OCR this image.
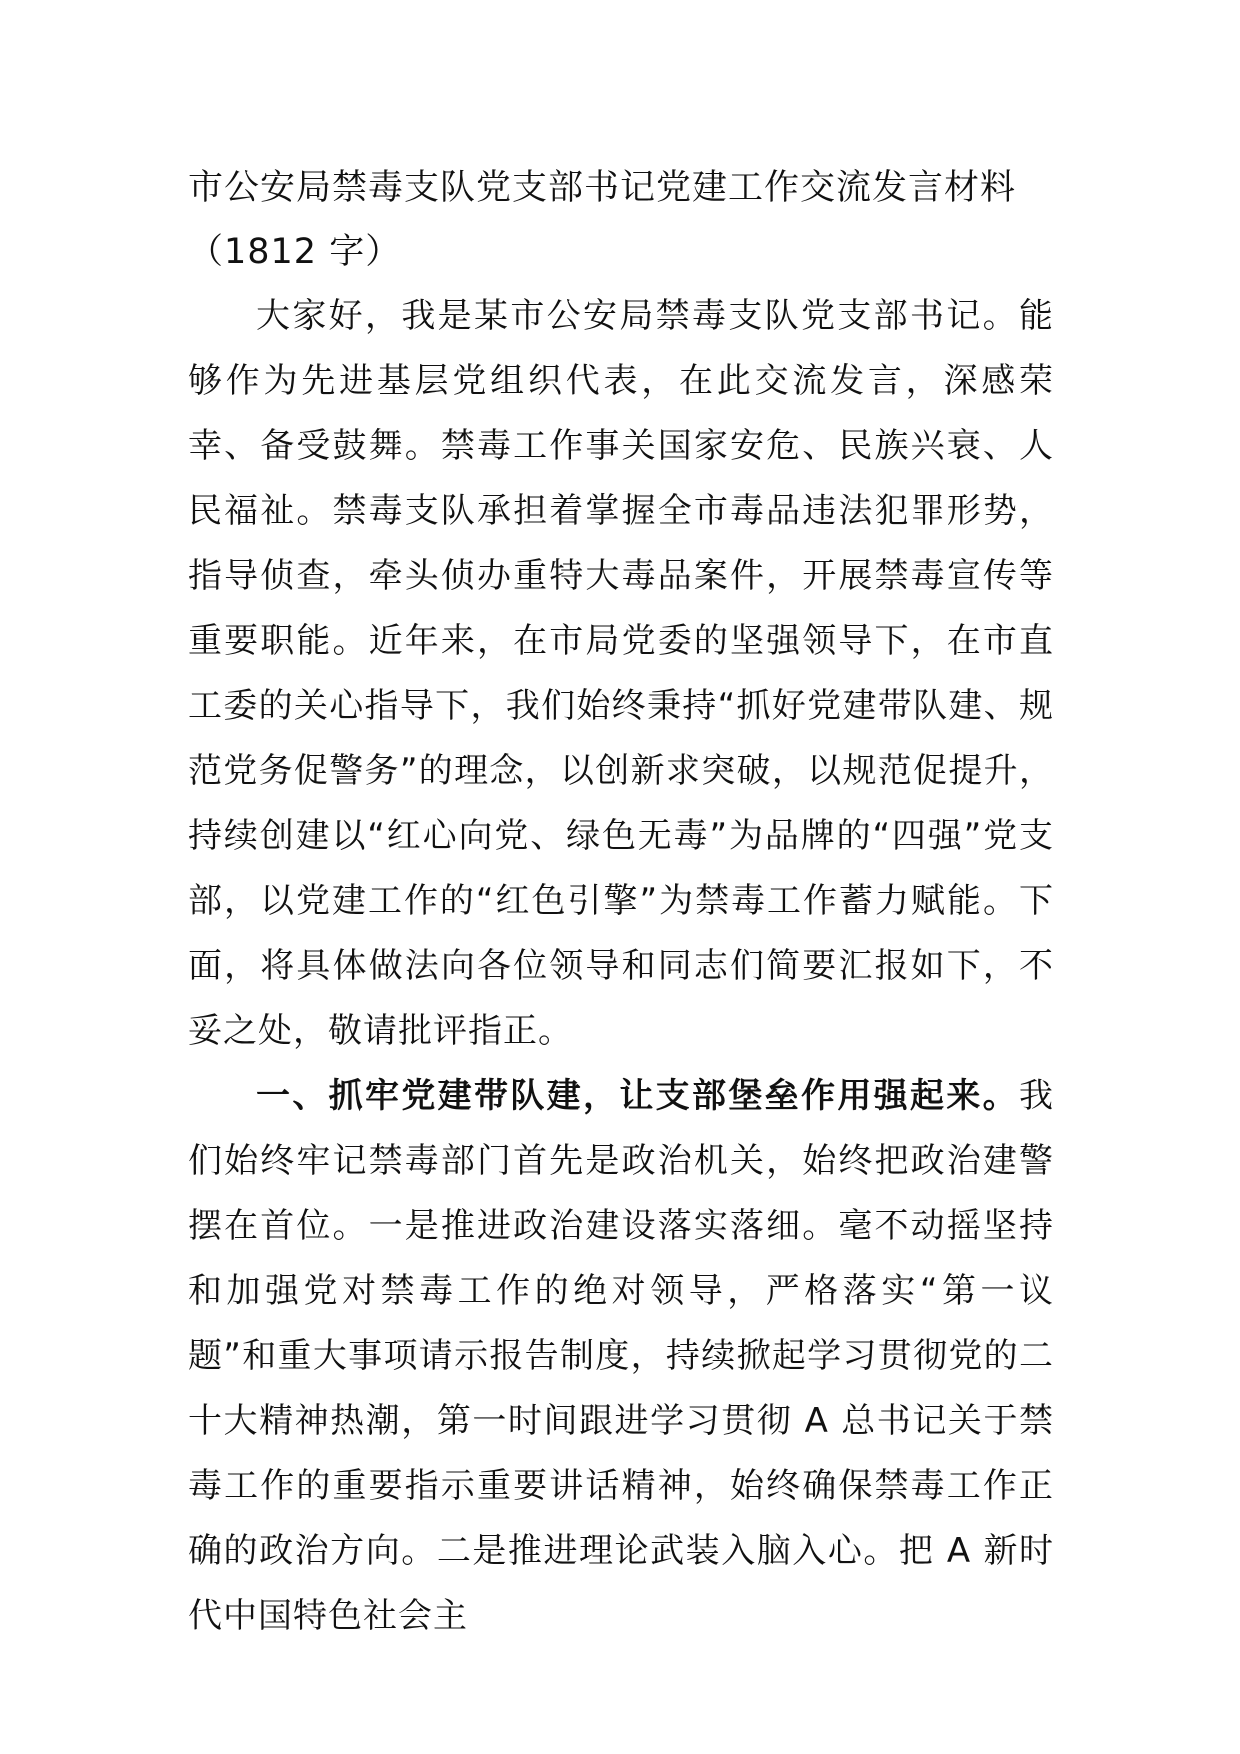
市公安局禁毒支队党支部书记党建工作交流发言材料（1812 字）

大家好，我是某市公安局禁毒支队党支部书记。能够作为先进基层党组织代表，在此交流发言，深感荣幸、备受鼓舞。禁毒工作事关国家安危、民族兴衰、人民福祉。禁毒支队承担着掌握全市毒品违法犯罪形势，指导侦查，牵头侦办重特大毒品案件，开展禁毒宣传等重要职能。近年来，在市局党委的坚强领导下，在市直工委的关心指导下，我们始终秉持“抓好党建带队建、规范党务促警务”的理念，以创新求突破，以规范促提升，持续创建以“红心向党、绿色无毒”为品牌的“四强”党支部，以党建工作的“红色引擎”为禁毒工作蓄力赋能。下面，将具体做法向各位领导和同志们简要汇报如下，不妥之处，敬请批评指正。

一、抓牢党建带队建，让支部堡垒作用强起来。我们始终牢记禁毒部门首先是政治机关，始终把政治建警摆在首位。一是推进政治建设落实落细。毫不动摇坚持和加强党对禁毒工作的绝对领导，严格落实“第一议题”和重大事项请示报告制度，持续掀起学习贯彻党的二十大精神热潮，第一时间跟进学习贯彻 A 总书记关于禁毒工作的重要指示重要讲话精神，始终确保禁毒工作正确的政治方向。二是推进理论武装入脑入心。把 A 新时代中国特色社会主
